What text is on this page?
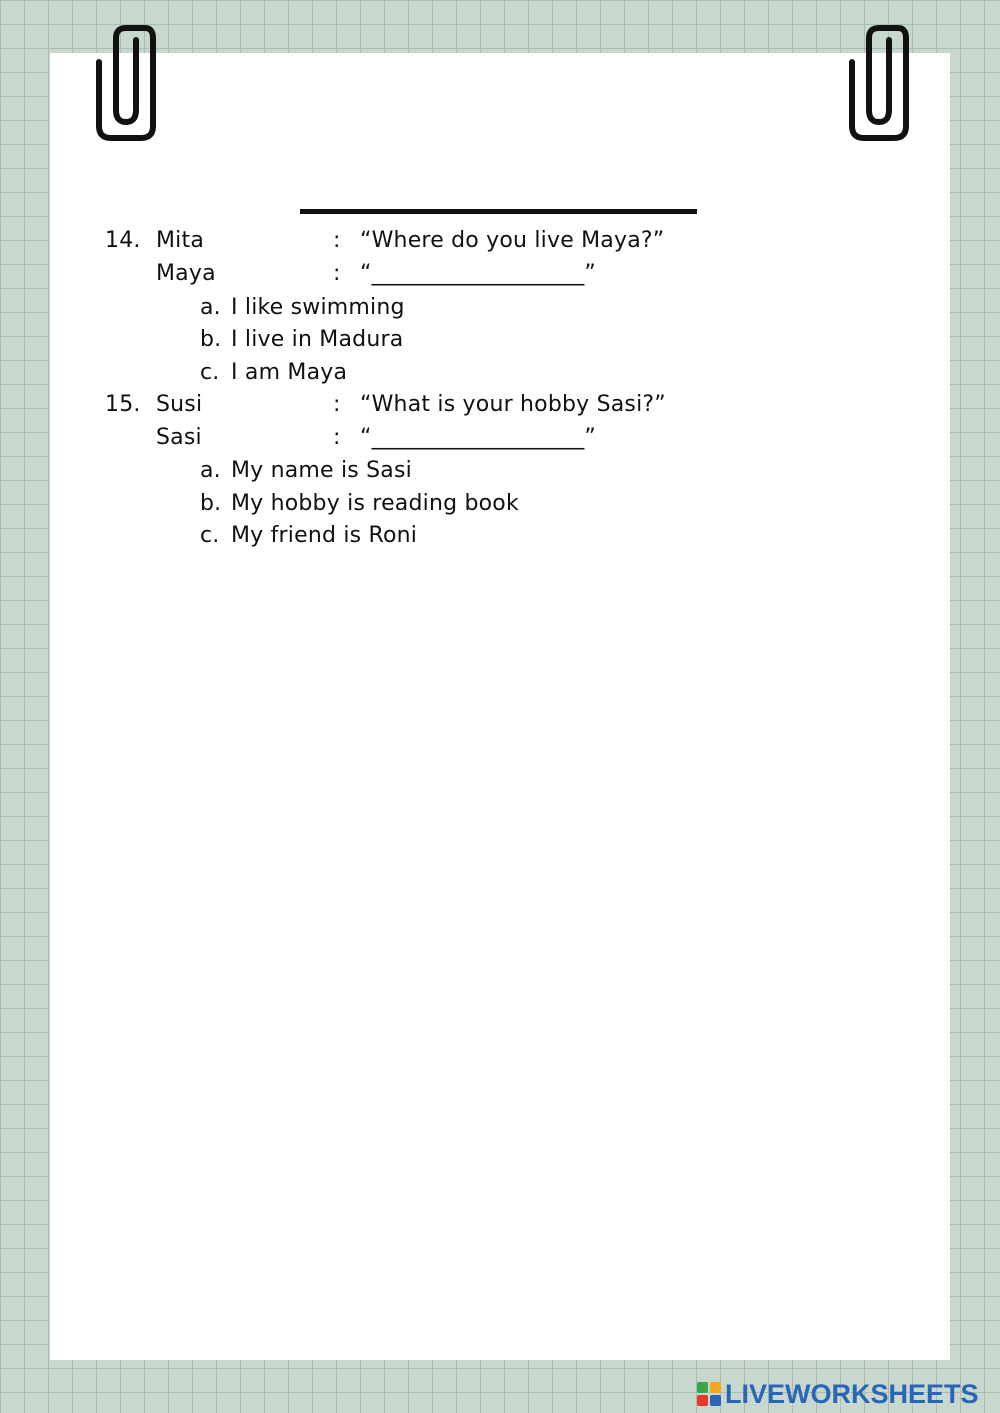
14. Mita	: “Where do you live Maya?”
Maya	: “___________________”
a. I like swimming
b. I live in Madura
c. I am Maya
15. Susi	: “What is your hobby Sasi?”
Sasi	: “___________________”
a. My name is Sasi
b. My hobby is reading book
c. My friend is Roni
LIVEWORKSHEETS
